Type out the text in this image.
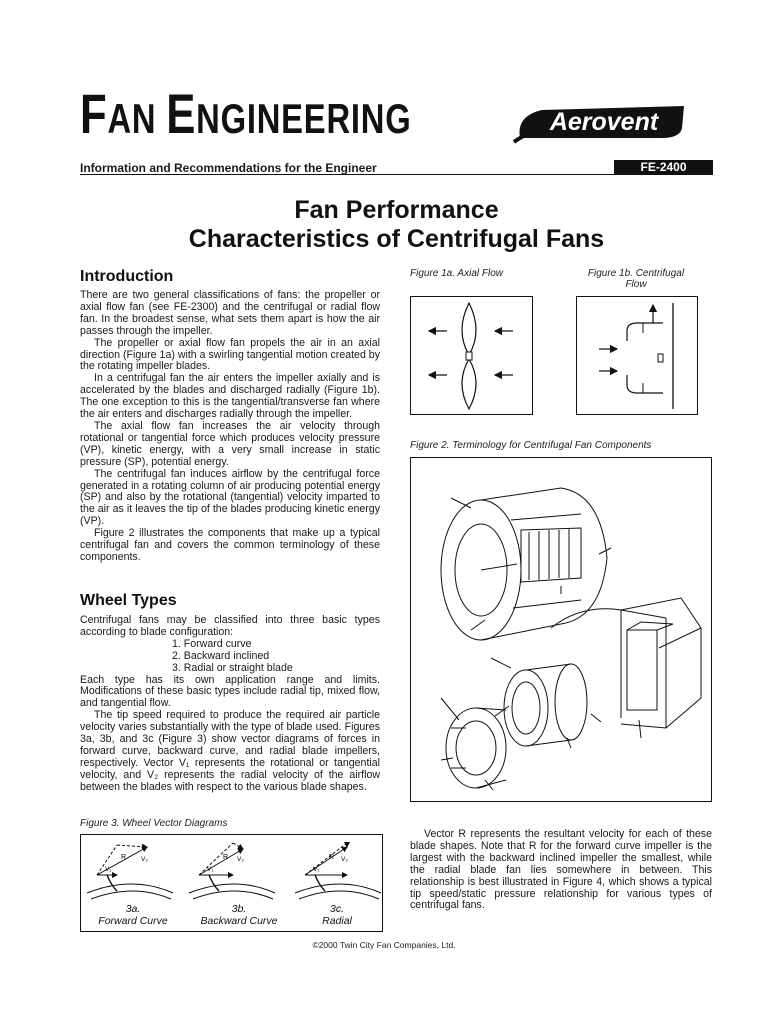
FAN ENGINEERING	Aerovent
Information and Recommendations for the Engineer	FE-2400
Fan Performance
Characteristics of Centrifugal Fans
Introduction

There are two general classifications of fans: the propeller or axial flow fan (see FE-2300) and the centrifugal or radial flow fan. In the broadest sense, what sets them apart is how the air passes through the impeller.

The propeller or axial flow fan propels the air in an axial direction (Figure 1a) with a swirling tangential motion created by the rotating impeller blades.

In a centrifugal fan the air enters the impeller axially and is accelerated by the blades and discharged radially (Figure 1b). The one exception to this is the tangential/transverse fan where the air enters and discharges radially through the impeller.

The axial flow fan increases the air velocity through rotational or tangential force which produces velocity pressure (VP), kinetic energy, with a very small increase in static pressure (SP), potential energy.

The centrifugal fan induces airflow by the centrifugal force generated in a rotating column of air producing potential energy (SP) and also by the rotational (tangential) velocity imparted to the air as it leaves the tip of the blades producing kinetic energy (VP).

Figure 2 illustrates the components that make up a typical centrifugal fan and covers the common terminology of these components.

Wheel Types

Centrifugal fans may be classified into three basic types according to blade configuration:

1. Forward curve

2. Backward inclined

3. Radial or straight blade

Each type has its own application range and limits. Modifications of these basic types include radial tip, mixed flow, and tangential flow.

The tip speed required to produce the required air particle velocity varies substantially with the type of blade used. Figures 3a, 3b, and 3c (Figure 3) show vector diagrams of forces in forward curve, backward curve, and radial blade impellers, respectively. Vector V₁ represents the rotational or tangential velocity, and V₂ represents the radial velocity of the airflow between the blades with respect to the various blade shapes.

Figure 1a. Axial Flow	Figure 1b. Centrifugal
Flow
Figure 2. Terminology for Centrifugal Fan Components
Figure 3. Wheel Vector Diagrams
R
V₁
V₂	R
V₁
V₂	R
V₁
V₂
3a.
Forward Curve
3b.
Backward Curve
3c.
Radial

Vector R represents the resultant velocity for each of these blade shapes. Note that R for the forward curve impeller is the largest with the backward inclined impeller the smallest, while the radial blade fan lies somewhere in between. This relationship is best illustrated in Figure 4, which shows a typical tip speed/static pressure relationship for various types of centrifugal fans.

©2000 Twin City Fan Companies, Ltd.
